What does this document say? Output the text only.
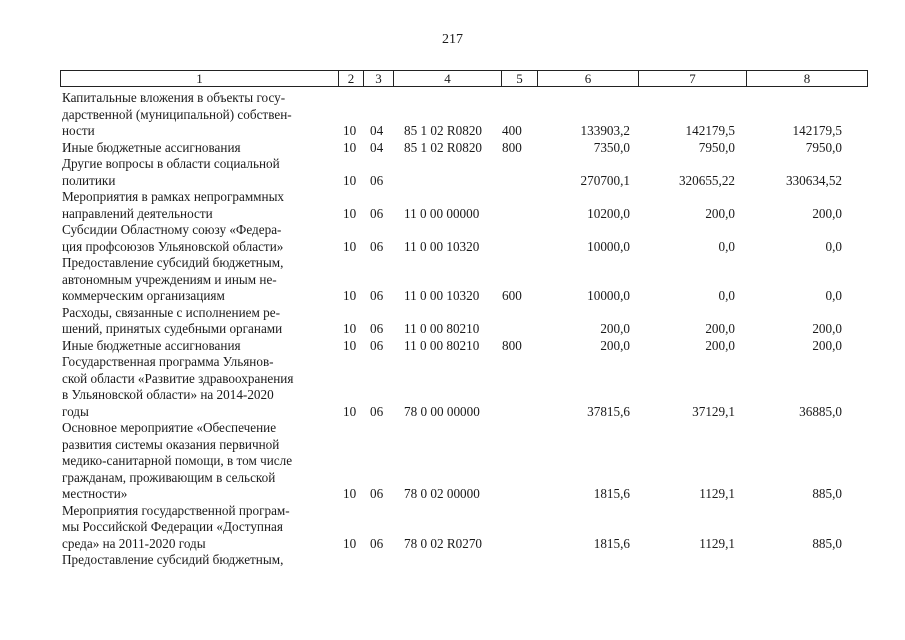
217
1	2	3	4	5	6	7	8
Капитальные вложения в объекты госу-
дарственной (муниципальной) собствен-
ности	10 04 85 1 02 R0820 400	133903,2	142179,5	142179,5
Иные бюджетные ассигнования	10 04 85 1 02 R0820 800	7350,0	7950,0	7950,0
Другие вопросы в области социальной
политики	10 06	270700,1	320655,22	330634,52
Мероприятия в рамках непрограммных
направлений деятельности	10 06 11 0 00 00000	10200,0	200,0	200,0
Субсидии Областному союзу «Федера-
ция профсоюзов Ульяновской области»	10 06 11 0 00 10320	10000,0	0,0	0,0
Предоставление субсидий бюджетным,
автономным учреждениям и иным не-
коммерческим организациям	10 06 11 0 00 10320 600	10000,0	0,0	0,0
Расходы, связанные с исполнением ре-
шений, принятых судебными органами	10 06 11 0 00 80210	200,0	200,0	200,0
Иные бюджетные ассигнования	10 06 11 0 00 80210 800	200,0	200,0	200,0
Государственная программа Ульянов-
ской области «Развитие здравоохранения
в Ульяновской области» на 2014-2020
годы	10 06 78 0 00 00000	37815,6	37129,1	36885,0
Основное мероприятие «Обеспечение
развития системы оказания первичной
медико-санитарной помощи, в том числе
гражданам, проживающим в сельской
местности»	10 06 78 0 02 00000	1815,6	1129,1	885,0
Мероприятия государственной програм-
мы Российской Федерации «Доступная
среда» на 2011-2020 годы	10 06 78 0 02 R0270	1815,6	1129,1	885,0
Предоставление субсидий бюджетным,
